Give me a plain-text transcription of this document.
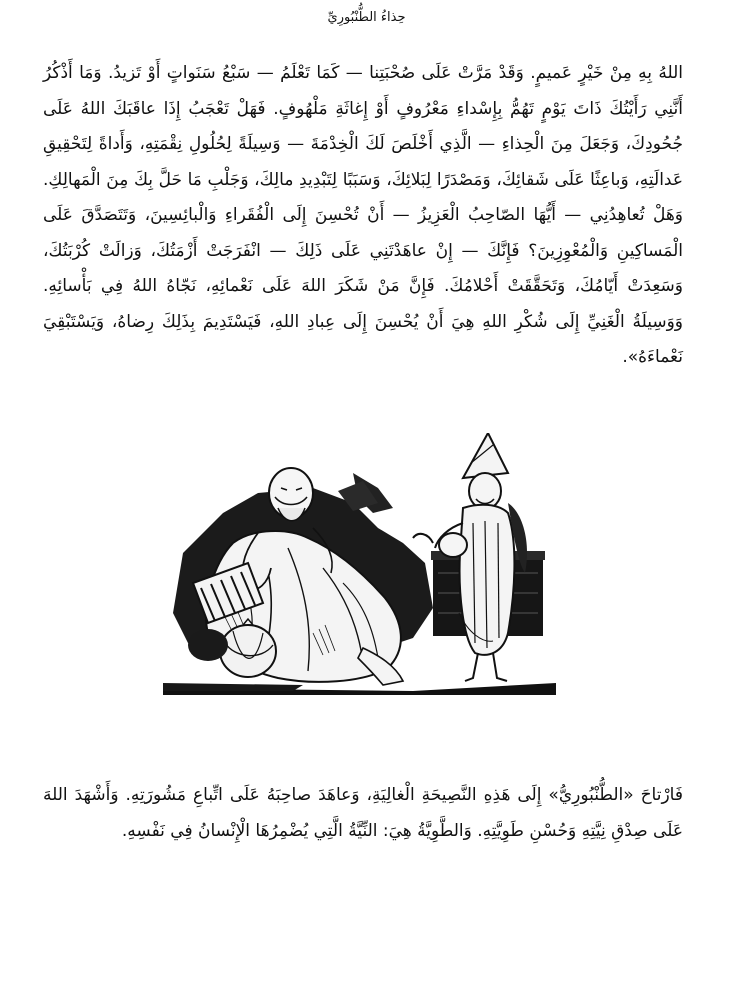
حِذاءُ الطُّنْبُورِيِّ

اللهُ بِهِ مِنْ خَيْرٍ عَميمٍ. وَقَدْ مَرَّتْ عَلَى صُحْبَتِنا — كَمَا تَعْلَمُ — سَبْعُ سَنَواتٍ أَوْ تَزيدُ. وَمَا أَذْكُرُ أَنَّنِي رَأَيْتُكَ ذَاتَ يَوْمٍ تَهُمُّ بِإِسْداءِ مَعْرُوفٍ أَوْ إِغاثَةِ مَلْهُوفٍ. فَهَلْ تَعْجَبُ إِذَا عاقَبَكَ اللهُ عَلَى جُحُودِكَ، وَجَعَلَ مِنَ الْحِذاءِ — الَّذِي أَخْلَصَ لَكَ الْخِدْمَةَ — وَسِيلَةً لِحُلُولِ نِقْمَتِهِ، وَأَداةً لِتَحْقِيقِ عَدالَتِهِ، وَباعِثًا عَلَى شَقائِكَ، وَمَصْدَرًا لِبَلائِكَ، وَسَبَبًا لِتَبْدِيدِ مالِكَ، وَجَلْبِ مَا حَلَّ بِكَ مِنَ الْمَهالِكِ. وَهَلْ تُعاهِدُنِي — أَيُّهَا الصّاحِبُ الْعَزِيزُ — أَنْ تُحْسِنَ إِلَى الْفُقَراءِ وَالْبائِسِينَ، وَتَتَصَدَّقَ عَلَى الْمَساكِينِ وَالْمُعْوِزِينَ؟ فَإِنَّكَ — إِنْ عاهَدْتَنِي عَلَى ذَلِكَ — انْفَرَجَتْ أَزْمَتُكَ، وَزالَتْ كُرْبَتُكَ، وَسَعِدَتْ أَيّامُكَ، وَتَحَقَّقَتْ أَحْلامُكَ. فَإِنَّ مَنْ شَكَرَ اللهَ عَلَى نَعْمائِهِ، نَجّاهُ اللهُ فِي بَأْسائِهِ. وَوَسِيلَةُ الْغَنِيِّ إِلَى شُكْرِ اللهِ هِيَ أَنْ يُحْسِنَ إِلَى عِبادِ اللهِ، فَيَسْتَدِيمَ بِذَلِكَ رِضاهُ، وَيَسْتَبْقِيَ نَعْماءَهُ».

فَارْتاحَ «الطُّنْبُورِيُّ» إِلَى هَذِهِ النَّصِيحَةِ الْغالِيَةِ، وَعاهَدَ صاحِبَهُ عَلَى اتِّباعِ مَشُورَتِهِ. وَأَشْهَدَ اللهَ عَلَى صِدْقِ نِيَّتِهِ وَحُسْنِ طَوِيَّتِهِ. وَالطَّوِيَّةُ هِيَ: النِّيَّةُ الَّتِي يُضْمِرُهَا الْإِنْسانُ فِي نَفْسِهِ.
